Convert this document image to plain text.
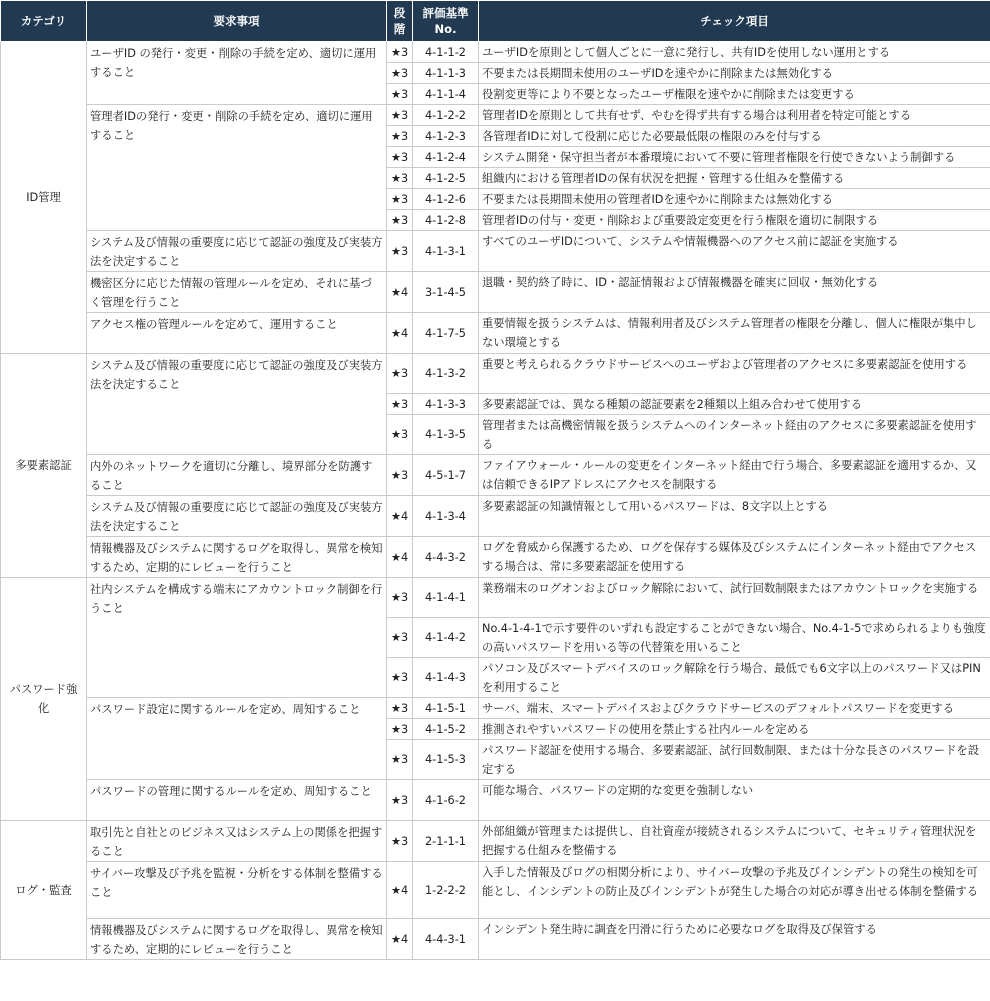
カテゴリ	要求事項	段階	評価基準No.	チェック項目
ID管理	ユーザID の発行・変更・削除の手続を定め、適切に運用すること	★3	4-1-1-2	ユーザIDを原則として個人ごとに一意に発行し、共有IDを使用しない運用とする
		★3	4-1-1-3	不要または長期間未使用のユーザIDを速やかに削除または無効化する
		★3	4-1-1-4	役割変更等により不要となったユーザ権限を速やかに削除または変更する
	管理者IDの発行・変更・削除の手続を定め、適切に運用すること	★3	4-1-2-2	管理者IDを原則として共有せず、やむを得ず共有する場合は利用者を特定可能とする
		★3	4-1-2-3	各管理者IDに対して役割に応じた必要最低限の権限のみを付与する
		★3	4-1-2-4	システム開発・保守担当者が本番環境において不要に管理者権限を行使できないよう制御する
		★3	4-1-2-5	組織内における管理者IDの保有状況を把握・管理する仕組みを整備する
		★3	4-1-2-6	不要または長期間未使用の管理者IDを速やかに削除または無効化する
		★3	4-1-2-8	管理者IDの付与・変更・削除および重要設定変更を行う権限を適切に制限する
	システム及び情報の重要度に応じて認証の強度及び実装方法を決定すること	★3	4-1-3-1	すべてのユーザIDについて、システムや情報機器へのアクセス前に認証を実施する
	機密区分に応じた情報の管理ルールを定め、それに基づく管理を行うこと	★4	3-1-4-5	退職・契約終了時に、ID・認証情報および情報機器を確実に回収・無効化する
	アクセス権の管理ルールを定めて、運用すること	★4	4-1-7-5	重要情報を扱うシステムは、情報利用者及びシステム管理者の権限を分離し、個人に権限が集中しない環境とする
多要素認証	システム及び情報の重要度に応じて認証の強度及び実装方法を決定すること	★3	4-1-3-2	重要と考えられるクラウドサービスへのユーザおよび管理者のアクセスに多要素認証を使用する
		★3	4-1-3-3	多要素認証では、異なる種類の認証要素を2種類以上組み合わせて使用する
		★3	4-1-3-5	管理者または高機密情報を扱うシステムへのインターネット経由のアクセスに多要素認証を使用する
	内外のネットワークを適切に分離し、境界部分を防護すること	★3	4-5-1-7	ファイアウォール・ルールの変更をインターネット経由で行う場合、多要素認証を適用するか、又は信頼できるIPアドレスにアクセスを制限する
	システム及び情報の重要度に応じて認証の強度及び実装方法を決定すること	★4	4-1-3-4	多要素認証の知識情報として用いるパスワードは、8文字以上とする
	情報機器及びシステムに関するログを取得し、異常を検知するため、定期的にレビューを行うこと	★4	4-4-3-2	ログを脅威から保護するため、ログを保存する媒体及びシステムにインターネット経由でアクセスする場合は、常に多要素認証を使用する
パスワード強化	社内システムを構成する端末にアカウントロック制御を行うこと	★3	4-1-4-1	業務端末のログオンおよびロック解除において、試行回数制限またはアカウントロックを実施する
		★3	4-1-4-2	No.4-1-4-1で示す要件のいずれも設定することができない場合、No.4-1-5で求められるよりも強度の高いパスワードを用いる等の代替策を用いること
		★3	4-1-4-3	パソコン及びスマートデバイスのロック解除を行う場合、最低でも6文字以上のパスワード又はPINを利用すること
	パスワード設定に関するルールを定め、周知すること	★3	4-1-5-1	サーバ、端末、スマートデバイスおよびクラウドサービスのデフォルトパスワードを変更する
		★3	4-1-5-2	推測されやすいパスワードの使用を禁止する社内ルールを定める
		★3	4-1-5-3	パスワード認証を使用する場合、多要素認証、試行回数制限、または十分な長さのパスワードを設定する
	パスワードの管理に関するルールを定め、周知すること	★3	4-1-6-2	可能な場合、パスワードの定期的な変更を強制しない
ログ・監査	取引先と自社とのビジネス又はシステム上の関係を把握すること	★3	2-1-1-1	外部組織が管理または提供し、自社資産が接続されるシステムについて、セキュリティ管理状況を把握する仕組みを整備する
	サイバー攻撃及び予兆を監視・分析をする体制を整備すること	★4	1-2-2-2	入手した情報及びログの相関分析により、サイバー攻撃の予兆及びインシデントの発生の検知を可能とし、インシデントの防止及びインシデントが発生した場合の対応が導き出せる体制を整備する
	情報機器及びシステムに関するログを取得し、異常を検知するため、定期的にレビューを行うこと	★4	4-4-3-1	インシデント発生時に調査を円滑に行うために必要なログを取得及び保管する
